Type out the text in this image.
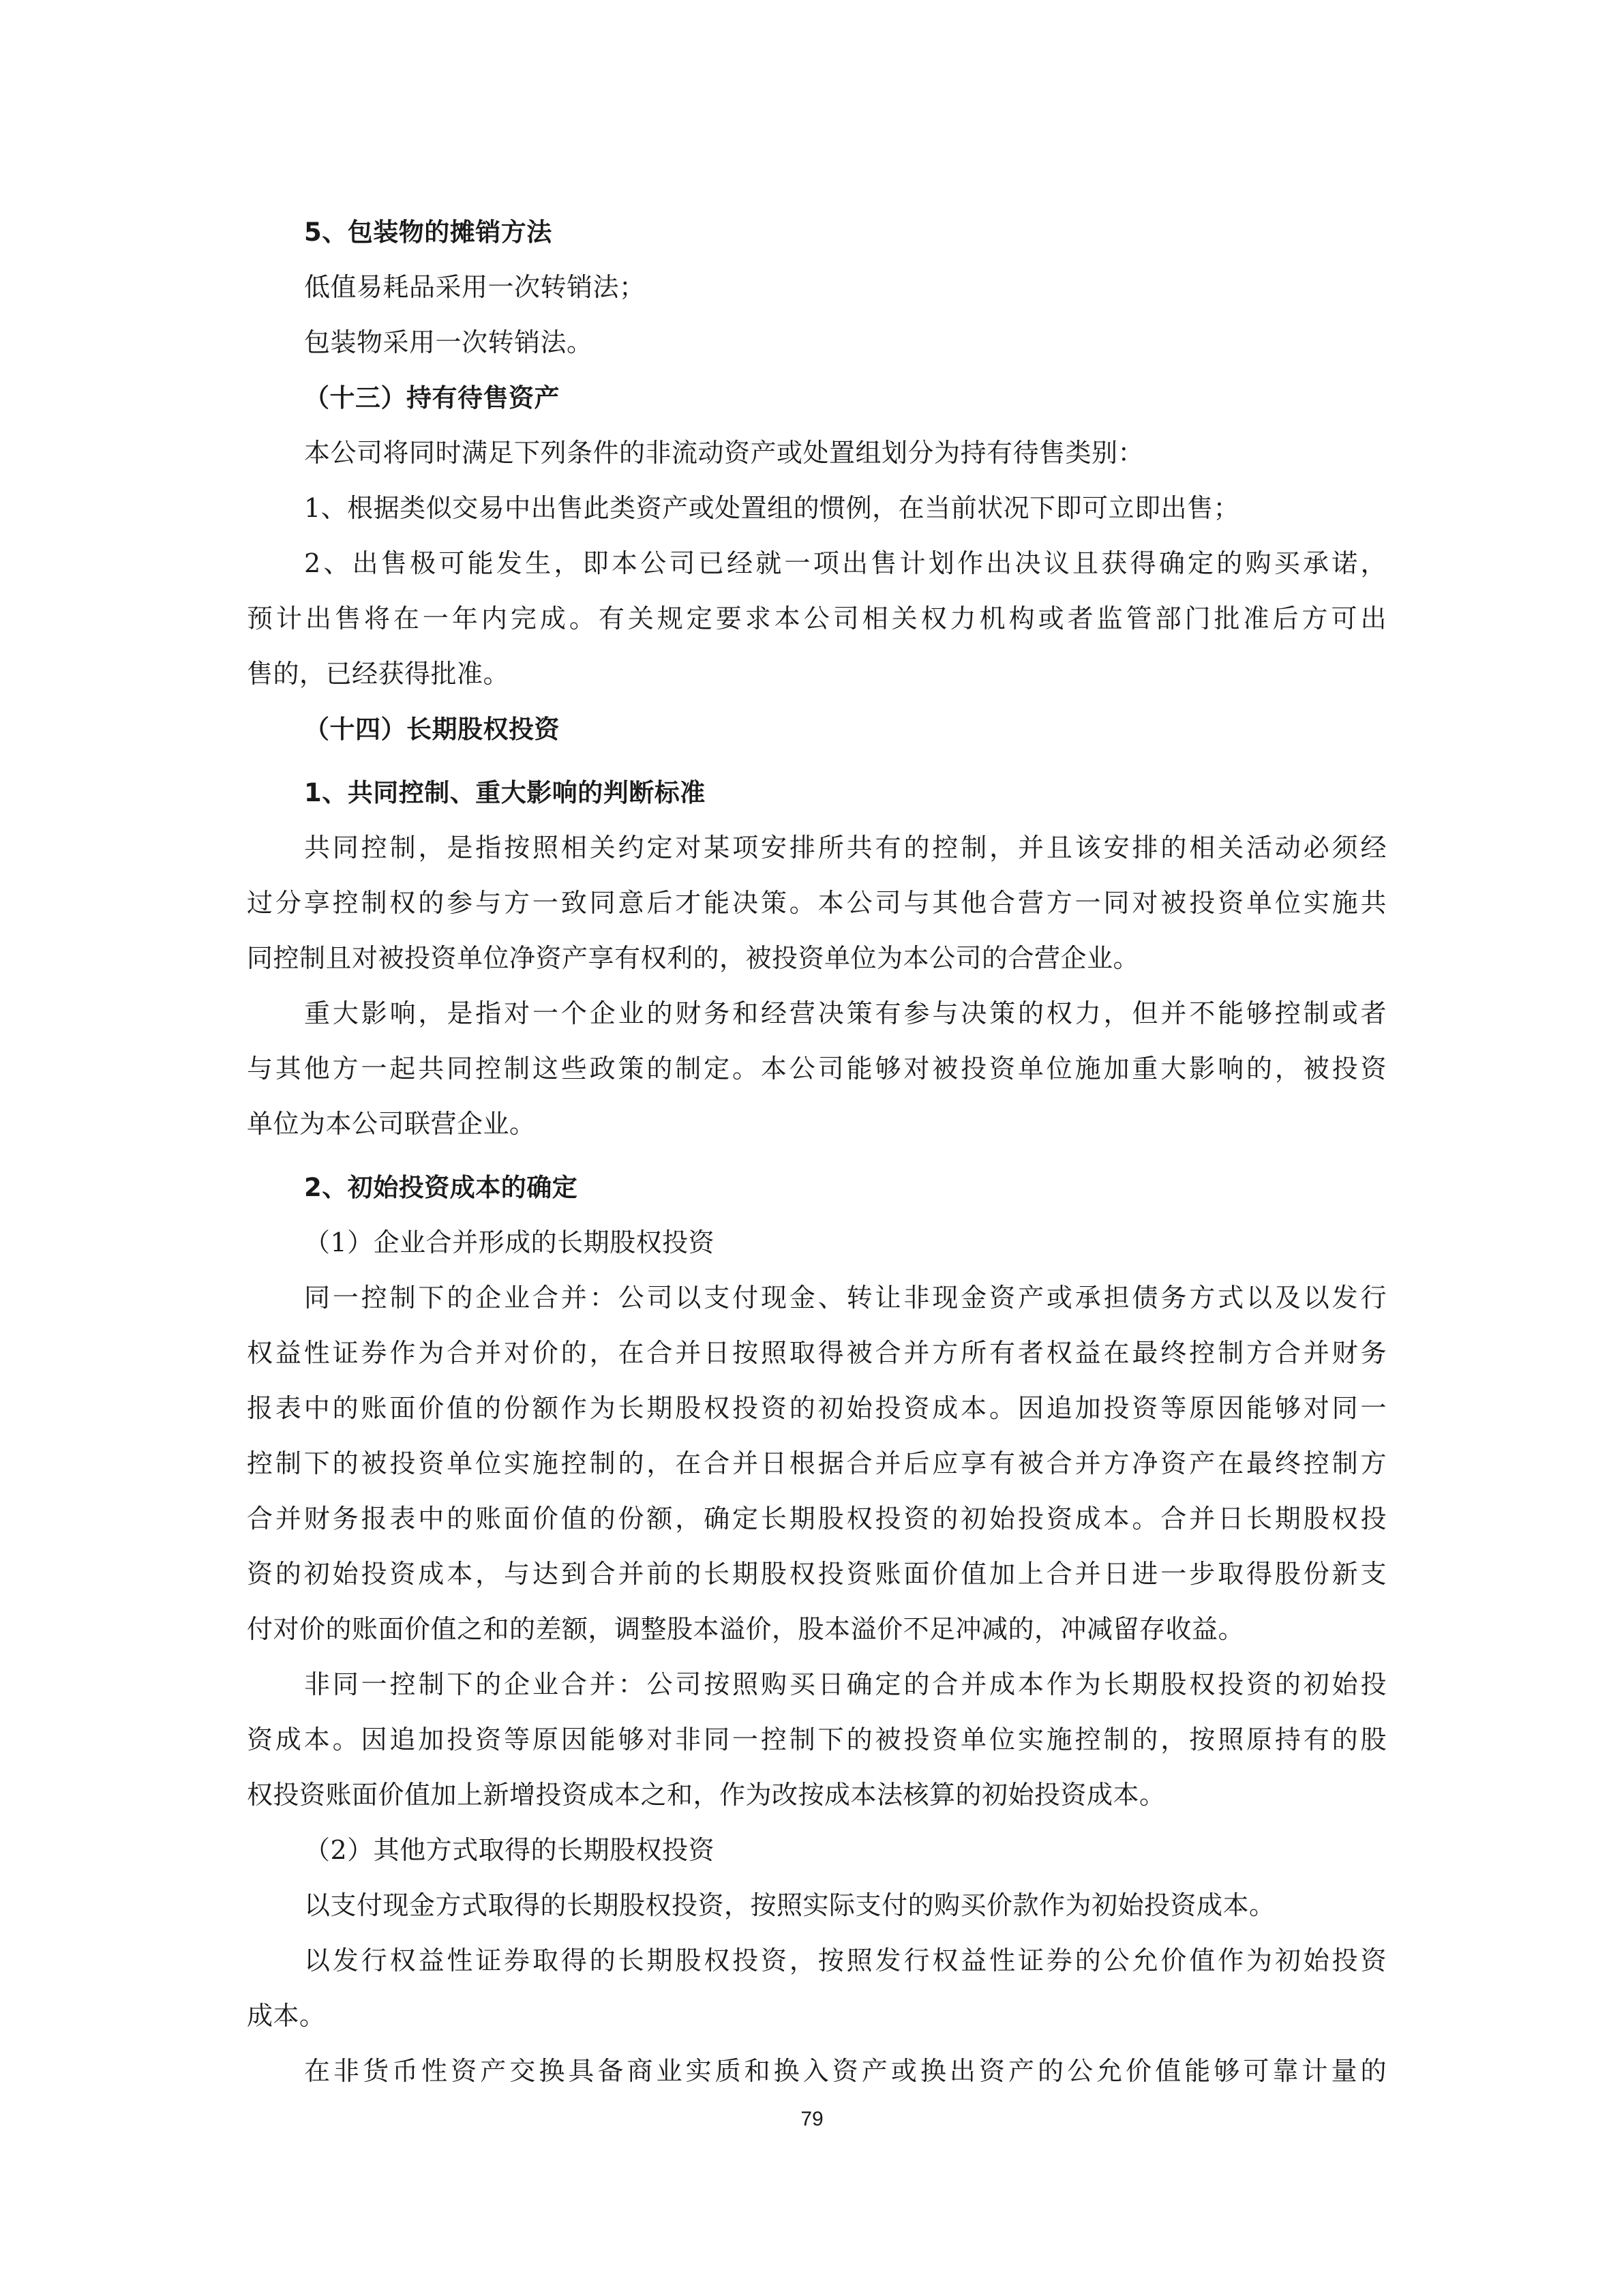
5、包装物的摊销方法
低值易耗品采用一次转销法；
包装物采用一次转销法。
（十三）持有待售资产
本公司将同时满足下列条件的非流动资产或处置组划分为持有待售类别：
1、根据类似交易中出售此类资产或处置组的惯例，在当前状况下即可立即出售；
2、出售极可能发生，即本公司已经就一项出售计划作出决议且获得确定的购买承诺，
预计出售将在一年内完成。有关规定要求本公司相关权力机构或者监管部门批准后方可出
售的，已经获得批准。
（十四）长期股权投资
1、共同控制、重大影响的判断标准
共同控制，是指按照相关约定对某项安排所共有的控制，并且该安排的相关活动必须经
过分享控制权的参与方一致同意后才能决策。本公司与其他合营方一同对被投资单位实施共
同控制且对被投资单位净资产享有权利的，被投资单位为本公司的合营企业。
重大影响，是指对一个企业的财务和经营决策有参与决策的权力，但并不能够控制或者
与其他方一起共同控制这些政策的制定。本公司能够对被投资单位施加重大影响的，被投资
单位为本公司联营企业。
2、初始投资成本的确定
（1）企业合并形成的长期股权投资
同一控制下的企业合并：公司以支付现金、转让非现金资产或承担债务方式以及以发行
权益性证券作为合并对价的，在合并日按照取得被合并方所有者权益在最终控制方合并财务
报表中的账面价值的份额作为长期股权投资的初始投资成本。因追加投资等原因能够对同一
控制下的被投资单位实施控制的，在合并日根据合并后应享有被合并方净资产在最终控制方
合并财务报表中的账面价值的份额，确定长期股权投资的初始投资成本。合并日长期股权投
资的初始投资成本，与达到合并前的长期股权投资账面价值加上合并日进一步取得股份新支
付对价的账面价值之和的差额，调整股本溢价，股本溢价不足冲减的，冲减留存收益。
非同一控制下的企业合并：公司按照购买日确定的合并成本作为长期股权投资的初始投
资成本。因追加投资等原因能够对非同一控制下的被投资单位实施控制的，按照原持有的股
权投资账面价值加上新增投资成本之和，作为改按成本法核算的初始投资成本。
（2）其他方式取得的长期股权投资
以支付现金方式取得的长期股权投资，按照实际支付的购买价款作为初始投资成本。
以发行权益性证券取得的长期股权投资，按照发行权益性证券的公允价值作为初始投资
成本。
在非货币性资产交换具备商业实质和换入资产或换出资产的公允价值能够可靠计量的
79
